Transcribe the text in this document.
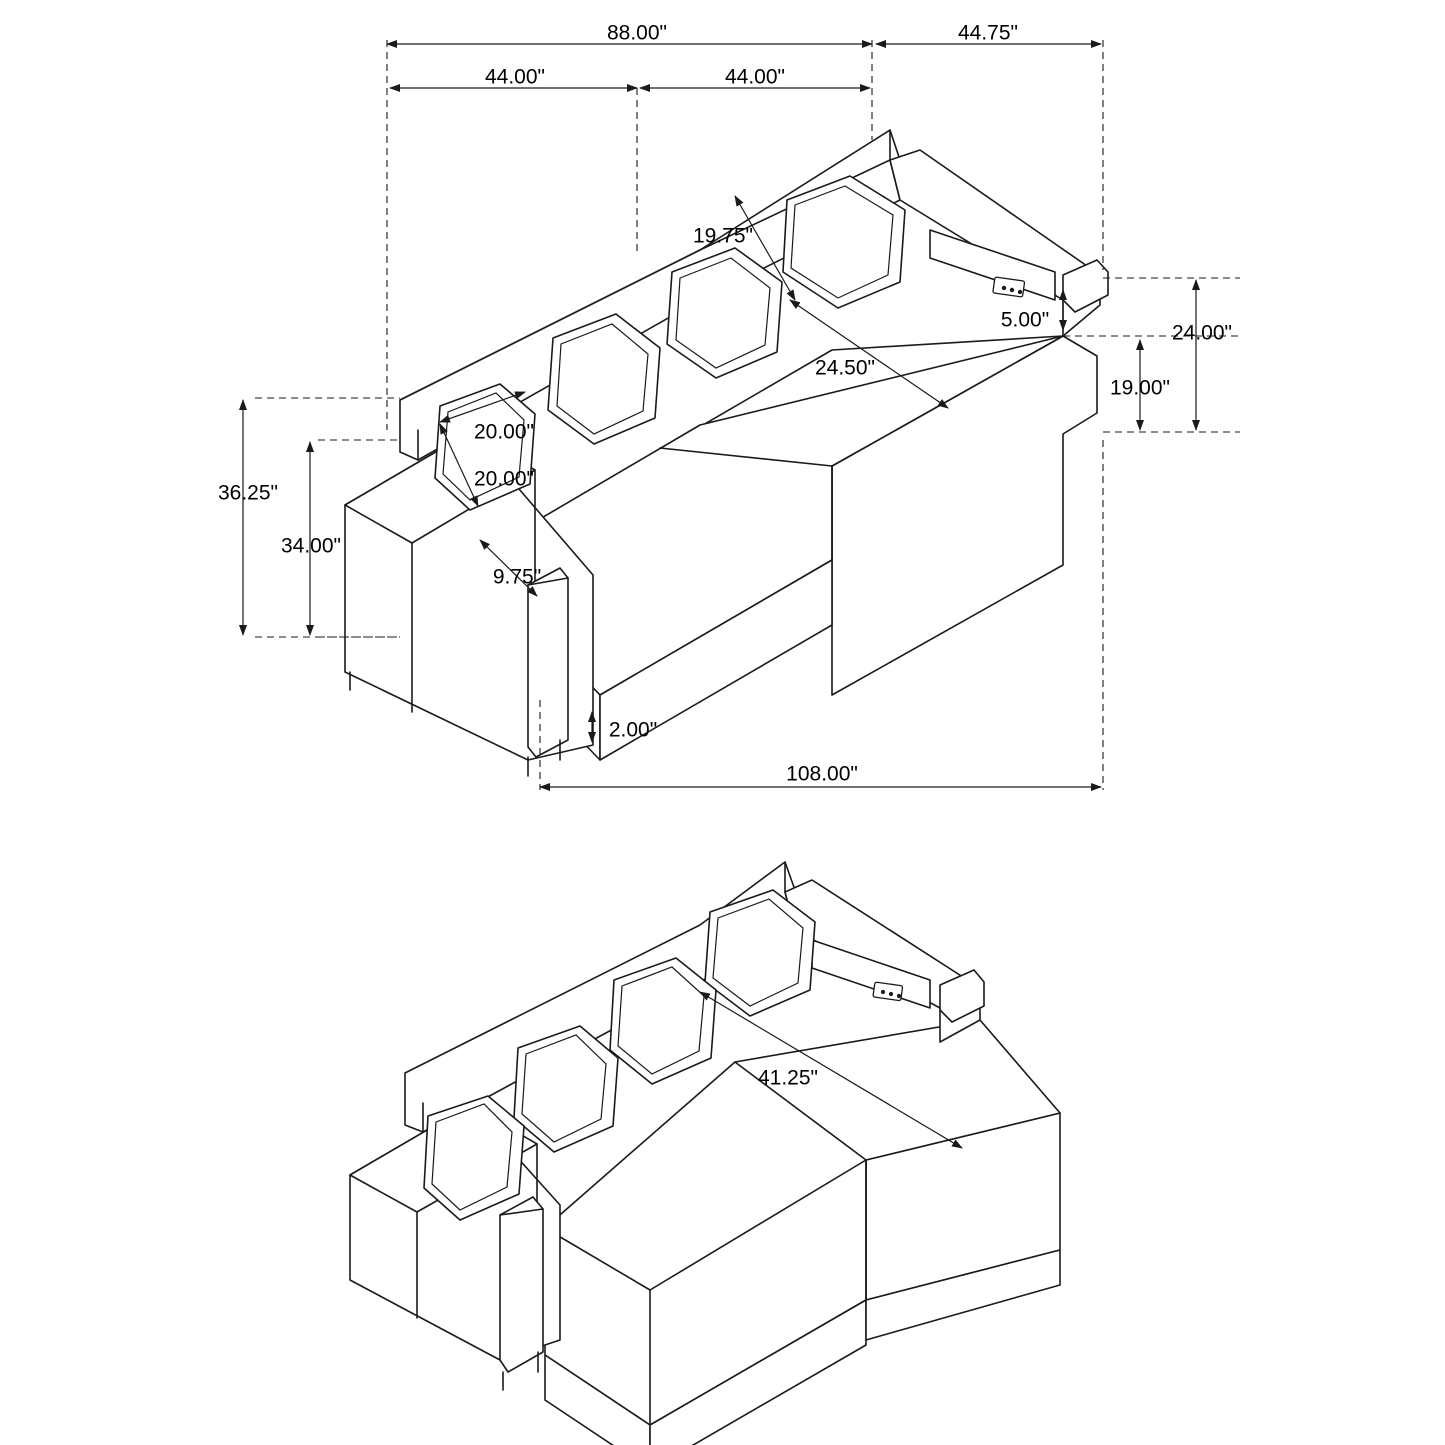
88.00"	44.75"
44.00"	44.00"
19.75"
5.00"
24.00"
19.00"
24.50"
20.00"
20.00"
36.25"
34.00"
9.75"
2.00"
108.00"
41.25"
